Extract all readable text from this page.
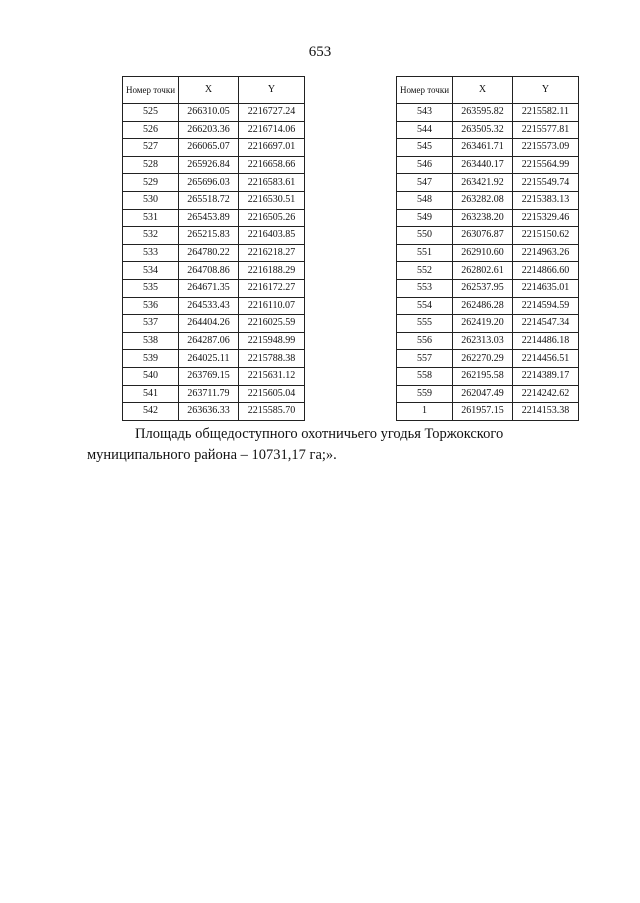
653
Номер точки	X	Y
525	266310.05	2216727.24
526	266203.36	2216714.06
527	266065.07	2216697.01
528	265926.84	2216658.66
529	265696.03	2216583.61
530	265518.72	2216530.51
531	265453.89	2216505.26
532	265215.83	2216403.85
533	264780.22	2216218.27
534	264708.86	2216188.29
535	264671.35	2216172.27
536	264533.43	2216110.07
537	264404.26	2216025.59
538	264287.06	2215948.99
539	264025.11	2215788.38
540	263769.15	2215631.12
541	263711.79	2215605.04
542	263636.33	2215585.70
Номер точки	X	Y
543	263595.82	2215582.11
544	263505.32	2215577.81
545	263461.71	2215573.09
546	263440.17	2215564.99
547	263421.92	2215549.74
548	263282.08	2215383.13
549	263238.20	2215329.46
550	263076.87	2215150.62
551	262910.60	2214963.26
552	262802.61	2214866.60
553	262537.95	2214635.01
554	262486.28	2214594.59
555	262419.20	2214547.34
556	262313.03	2214486.18
557	262270.29	2214456.51
558	262195.58	2214389.17
559	262047.49	2214242.62
1	261957.15	2214153.38
Площадь общедоступного охотничьего угодья Торжокского
муниципального района – 10731,17 га;».
